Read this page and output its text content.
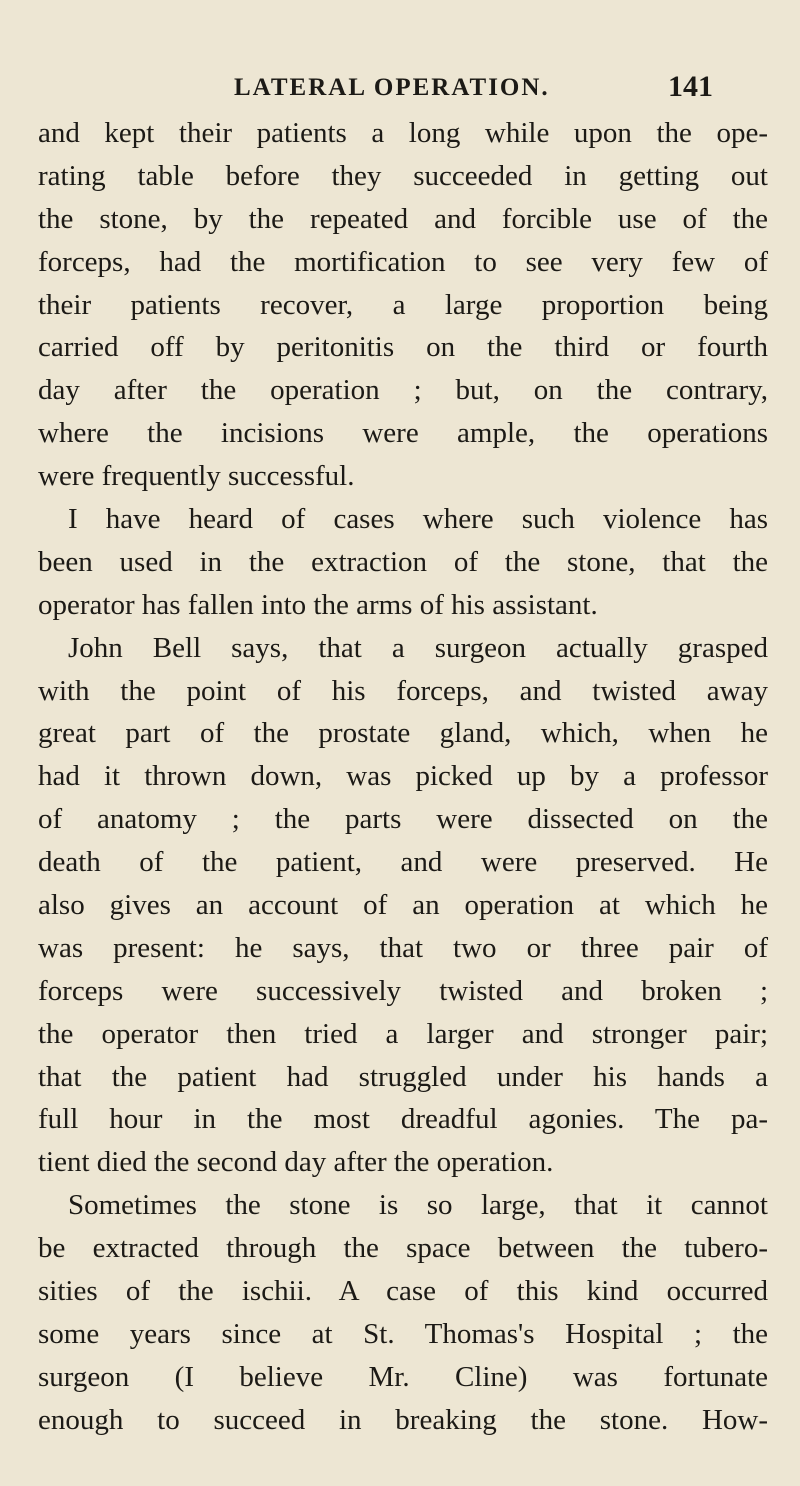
LATERAL OPERATION.	141
and kept their patients a long while upon the ope-
rating table before they succeeded in getting out
the stone, by the repeated and forcible use of the
forceps, had the mortification to see very few of
their patients recover, a large proportion being
carried off by peritonitis on the third or fourth
day after the operation ; but, on the contrary,
where the incisions were ample, the operations
were frequently successful.
I have heard of cases where such violence has
been used in the extraction of the stone, that the
operator has fallen into the arms of his assistant.
John Bell says, that a surgeon actually grasped
with the point of his forceps, and twisted away
great part of the prostate gland, which, when he
had it thrown down, was picked up by a professor
of anatomy ; the parts were dissected on the
death of the patient, and were preserved. He
also gives an account of an operation at which he
was present: he says, that two or three pair of
forceps were successively twisted and broken ;
the operator then tried a larger and stronger pair;
that the patient had struggled under his hands a
full hour in the most dreadful agonies. The pa-
tient died the second day after the operation.
Sometimes the stone is so large, that it cannot
be extracted through the space between the tubero-
sities of the ischii. A case of this kind occurred
some years since at St. Thomas's Hospital ; the
surgeon (I believe Mr. Cline) was fortunate
enough to succeed in breaking the stone. How-
